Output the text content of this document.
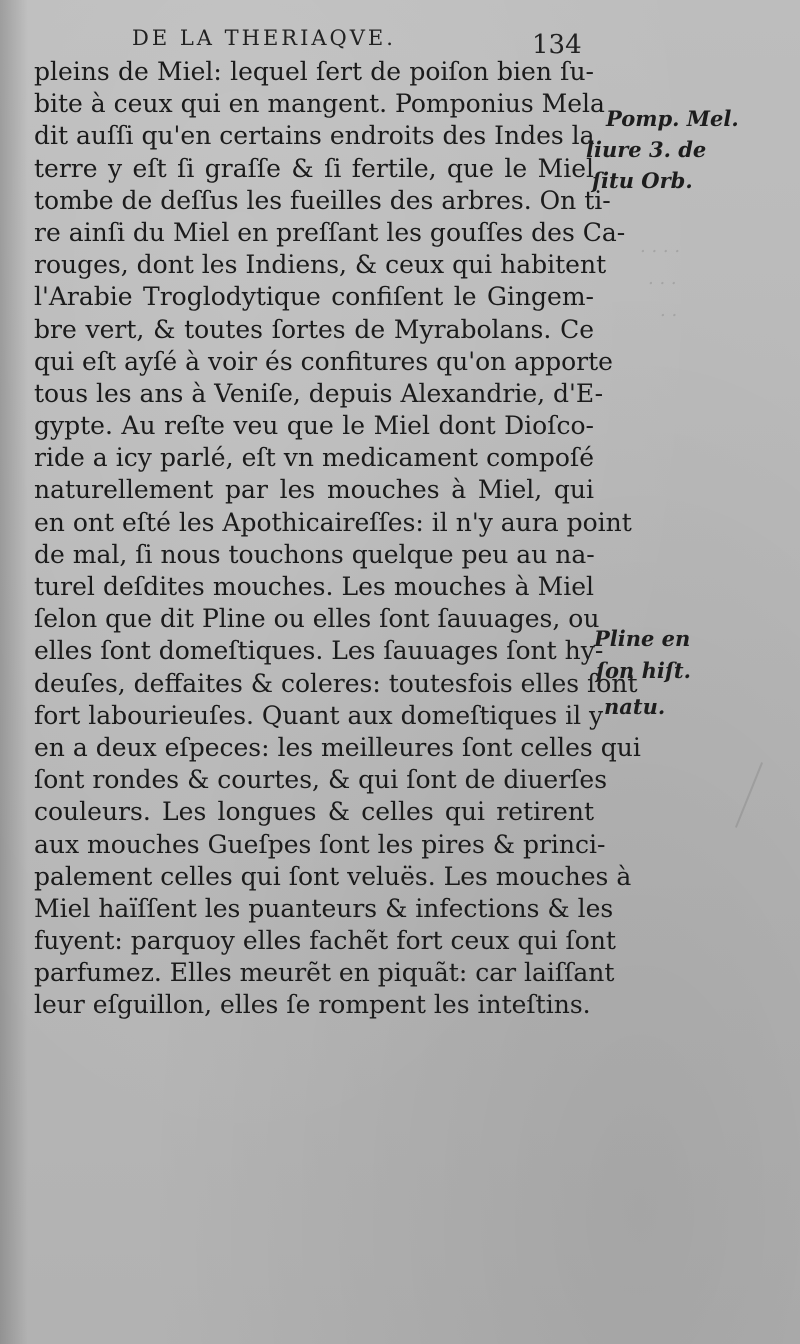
DE LA THERIAQVE.	134
. . . .
. . .
. .
pleins de Miel: lequel ſert de poiſon bien ſu-
bite à ceux qui en mangent. Pomponius Mela
dit auſſi qu'en certains endroits des Indes la
terre y eſt ſi graſſe & ſi fertile, que le Miel
tombe de deſſus les fueilles des arbres. On ti-
re ainſi du Miel en preſſant les gouſſes des Ca-
rouges, dont les Indiens, & ceux qui habitent
l'Arabie Troglodytique confiſent le Gingem-
bre vert, & toutes ſortes de Myrabolans. Ce
qui eſt ayſé à voir és confitures qu'on apporte
tous les ans à Veniſe, depuis Alexandrie, d'E-
gypte. Au reſte veu que le Miel dont Dioſco-
ride a icy parlé, eſt vn medicament compoſé
naturellement par les mouches à Miel, qui
en ont eſté les Apothicaireſſes: il n'y aura point
de mal, ſi nous touchons quelque peu au na-
turel deſdites mouches. Les mouches à Miel
ſelon que dit Pline ou elles ſont ſauuages, ou
elles ſont domeſtiques. Les ſauuages ſont hy-
deuſes, deffaites & coleres: toutesfois elles ſont
fort labourieuſes. Quant aux domeſtiques il y
en a deux eſpeces: les meilleures ſont celles qui
ſont rondes & courtes, & qui ſont de diuerſes
couleurs. Les longues & celles qui retirent
aux mouches Gueſpes ſont les pires & princi-
palement celles qui ſont veluës. Les mouches à
Miel haïſſent les puanteurs & infections & les
fuyent: parquoy elles fachẽt fort ceux qui ſont
parfumez. Elles meurẽt en piquãt: car laiſſant
leur eſguillon, elles ſe rompent les inteſtins.
Pomp. Mel.
liure 3. de
ſitu Orb.
Pline en
ſon hiſt.
natu.
